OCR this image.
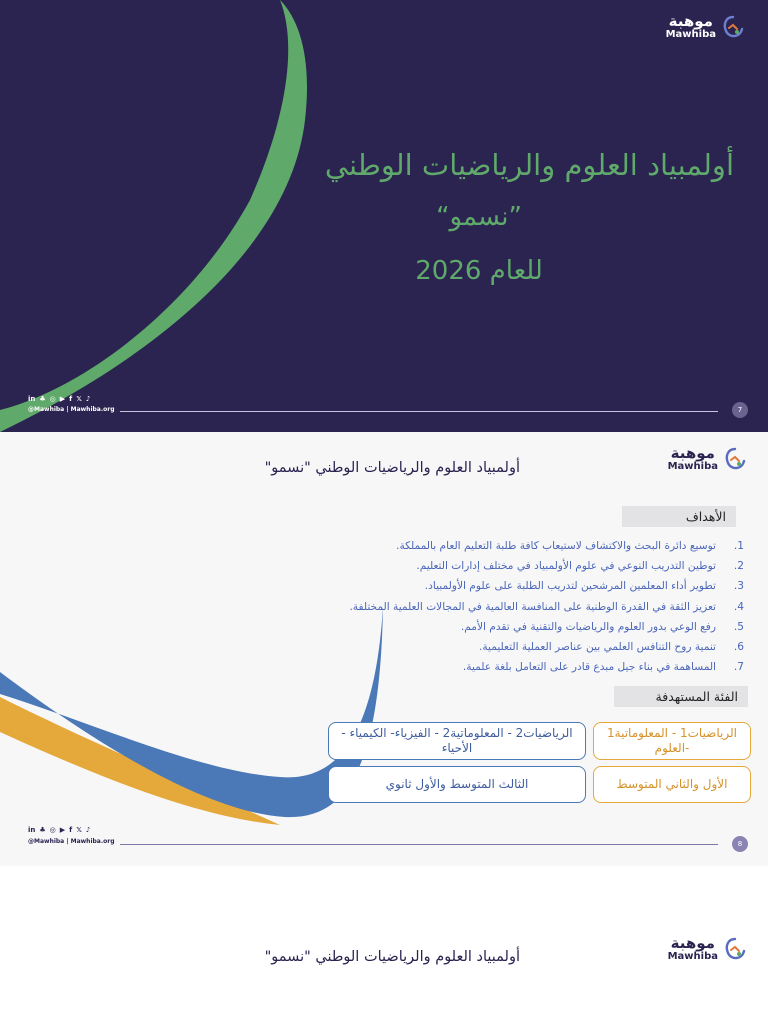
موهبة
Mawhiba
أولمبياد العلوم والرياضيات الوطني
“نسمو”
للعام 2026
in ♣ ◎ ▶ f 𝕏 ♪
@Mawhiba | Mawhiba.org	7
موهبة
Mawhiba
أولمبياد العلوم والرياضيات الوطني "نسمو"
الأهداف
1.
توسيع دائرة البحث والاكتشاف لاستيعاب كافة طلبة التعليم العام بالمملكة.
2.
توطين التدريب النوعي في علوم الأولمبياد في مختلف إدارات التعليم.
3.
تطوير أداء المعلمين المرشحين لتدريب الطلبة على علوم الأولمبياد.
4.
تعزيز الثقة في القدرة الوطنية على المنافسة العالمية في المجالات العلمية المختلفة.
5.
رفع الوعي بدور العلوم والرياضيات والتقنية في تقدم الأمم.
6.
تنمية روح التنافس العلمي بين عناصر العملية التعليمية.
7.
المساهمة في بناء جيل مبدع قادر على التعامل بلغة علمية.
الفئة المستهدفة
الرياضيات1 - المعلوماتية1 -العلوم
الرياضيات2 - المعلوماتية2 - الفيزياء- الكيمياء - الأحياء
الأول والثاني المتوسط
الثالث المتوسط والأول ثانوي
in ♣ ◎ ▶ f 𝕏 ♪
@Mawhiba | Mawhiba.org	8
موهبة
Mawhiba
أولمبياد العلوم والرياضيات الوطني "نسمو"
